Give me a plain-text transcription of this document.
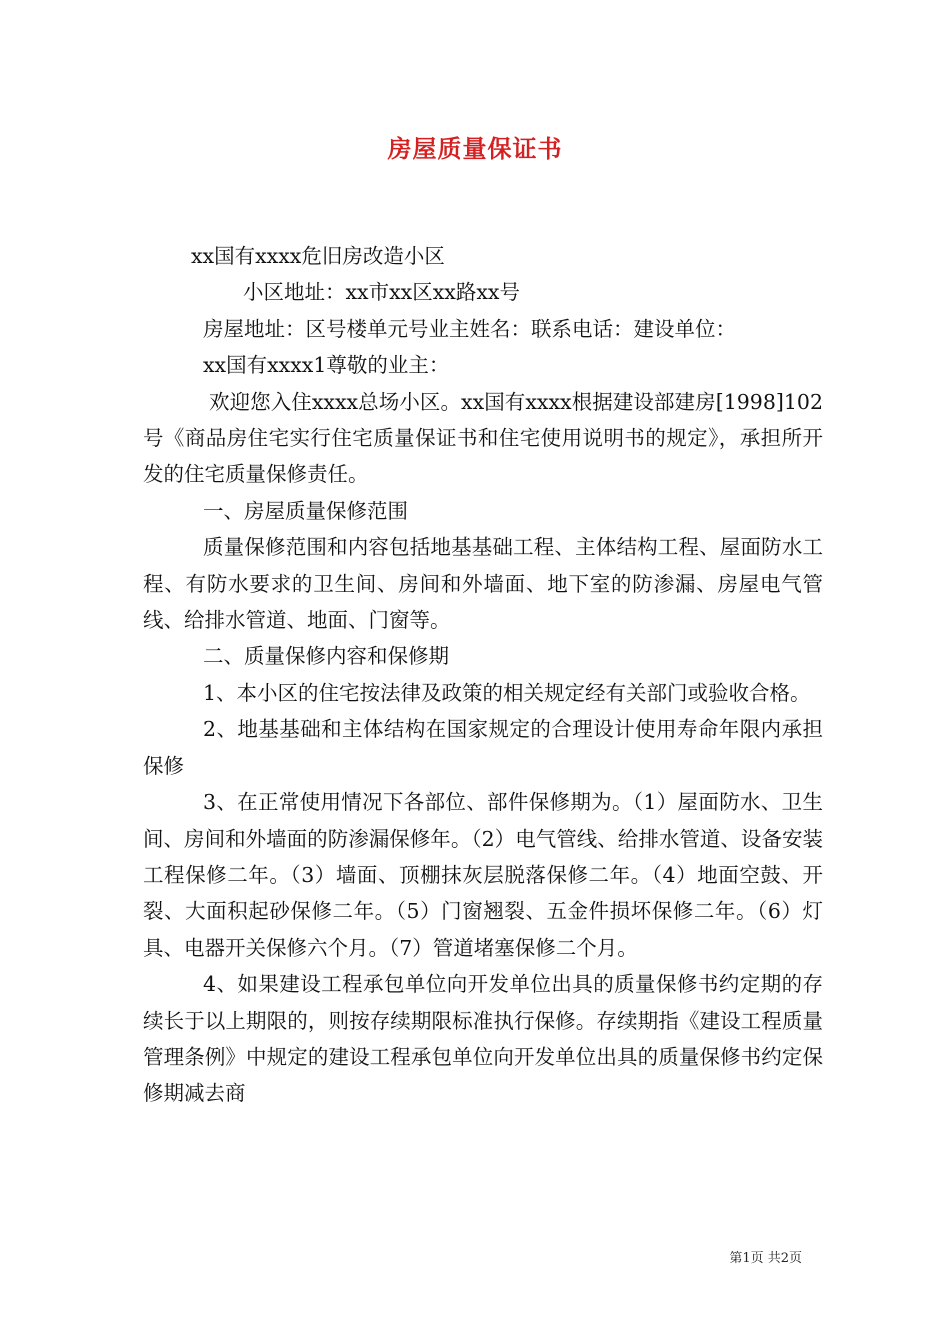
房屋质量保证书

xx国有xxxx危旧房改造小区

小区地址：xx市xx区xx路xx号

房屋地址：区号楼单元号业主姓名：联系电话：建设单位：

xx国有xxxx1尊敬的业主：

欢迎您入住xxxx总场小区。xx国有xxxx根据建设部建房[1998]102号《商品房住宅实行住宅质量保证书和住宅使用说明书的规定》，承担所开发的住宅质量保修责任。

一、房屋质量保修范围

质量保修范围和内容包括地基基础工程、主体结构工程、屋面防水工程、有防水要求的卫生间、房间和外墙面、地下室的防渗漏、房屋电气管线、给排水管道、地面、门窗等。

二、质量保修内容和保修期

1、本小区的住宅按法律及政策的相关规定经有关部门或验收合格。

2、地基基础和主体结构在国家规定的合理设计使用寿命年限内承担保修

3、在正常使用情况下各部位、部件保修期为。（1）屋面防水、卫生间、房间和外墙面的防渗漏保修年。（2）电气管线、给排水管道、设备安装工程保修二年。（3）墙面、顶棚抹灰层脱落保修二年。（4）地面空鼓、开裂、大面积起砂保修二年。（5）门窗翘裂、五金件损坏保修二年。（6）灯具、电器开关保修六个月。（7）管道堵塞保修二个月。

4、如果建设工程承包单位向开发单位出具的质量保修书约定期的存续长于以上期限的，则按存续期限标准执行保修。存续期指《建设工程质量管理条例》中规定的建设工程承包单位向开发单位出具的质量保修书约定保修期减去商

第1页 共2页
